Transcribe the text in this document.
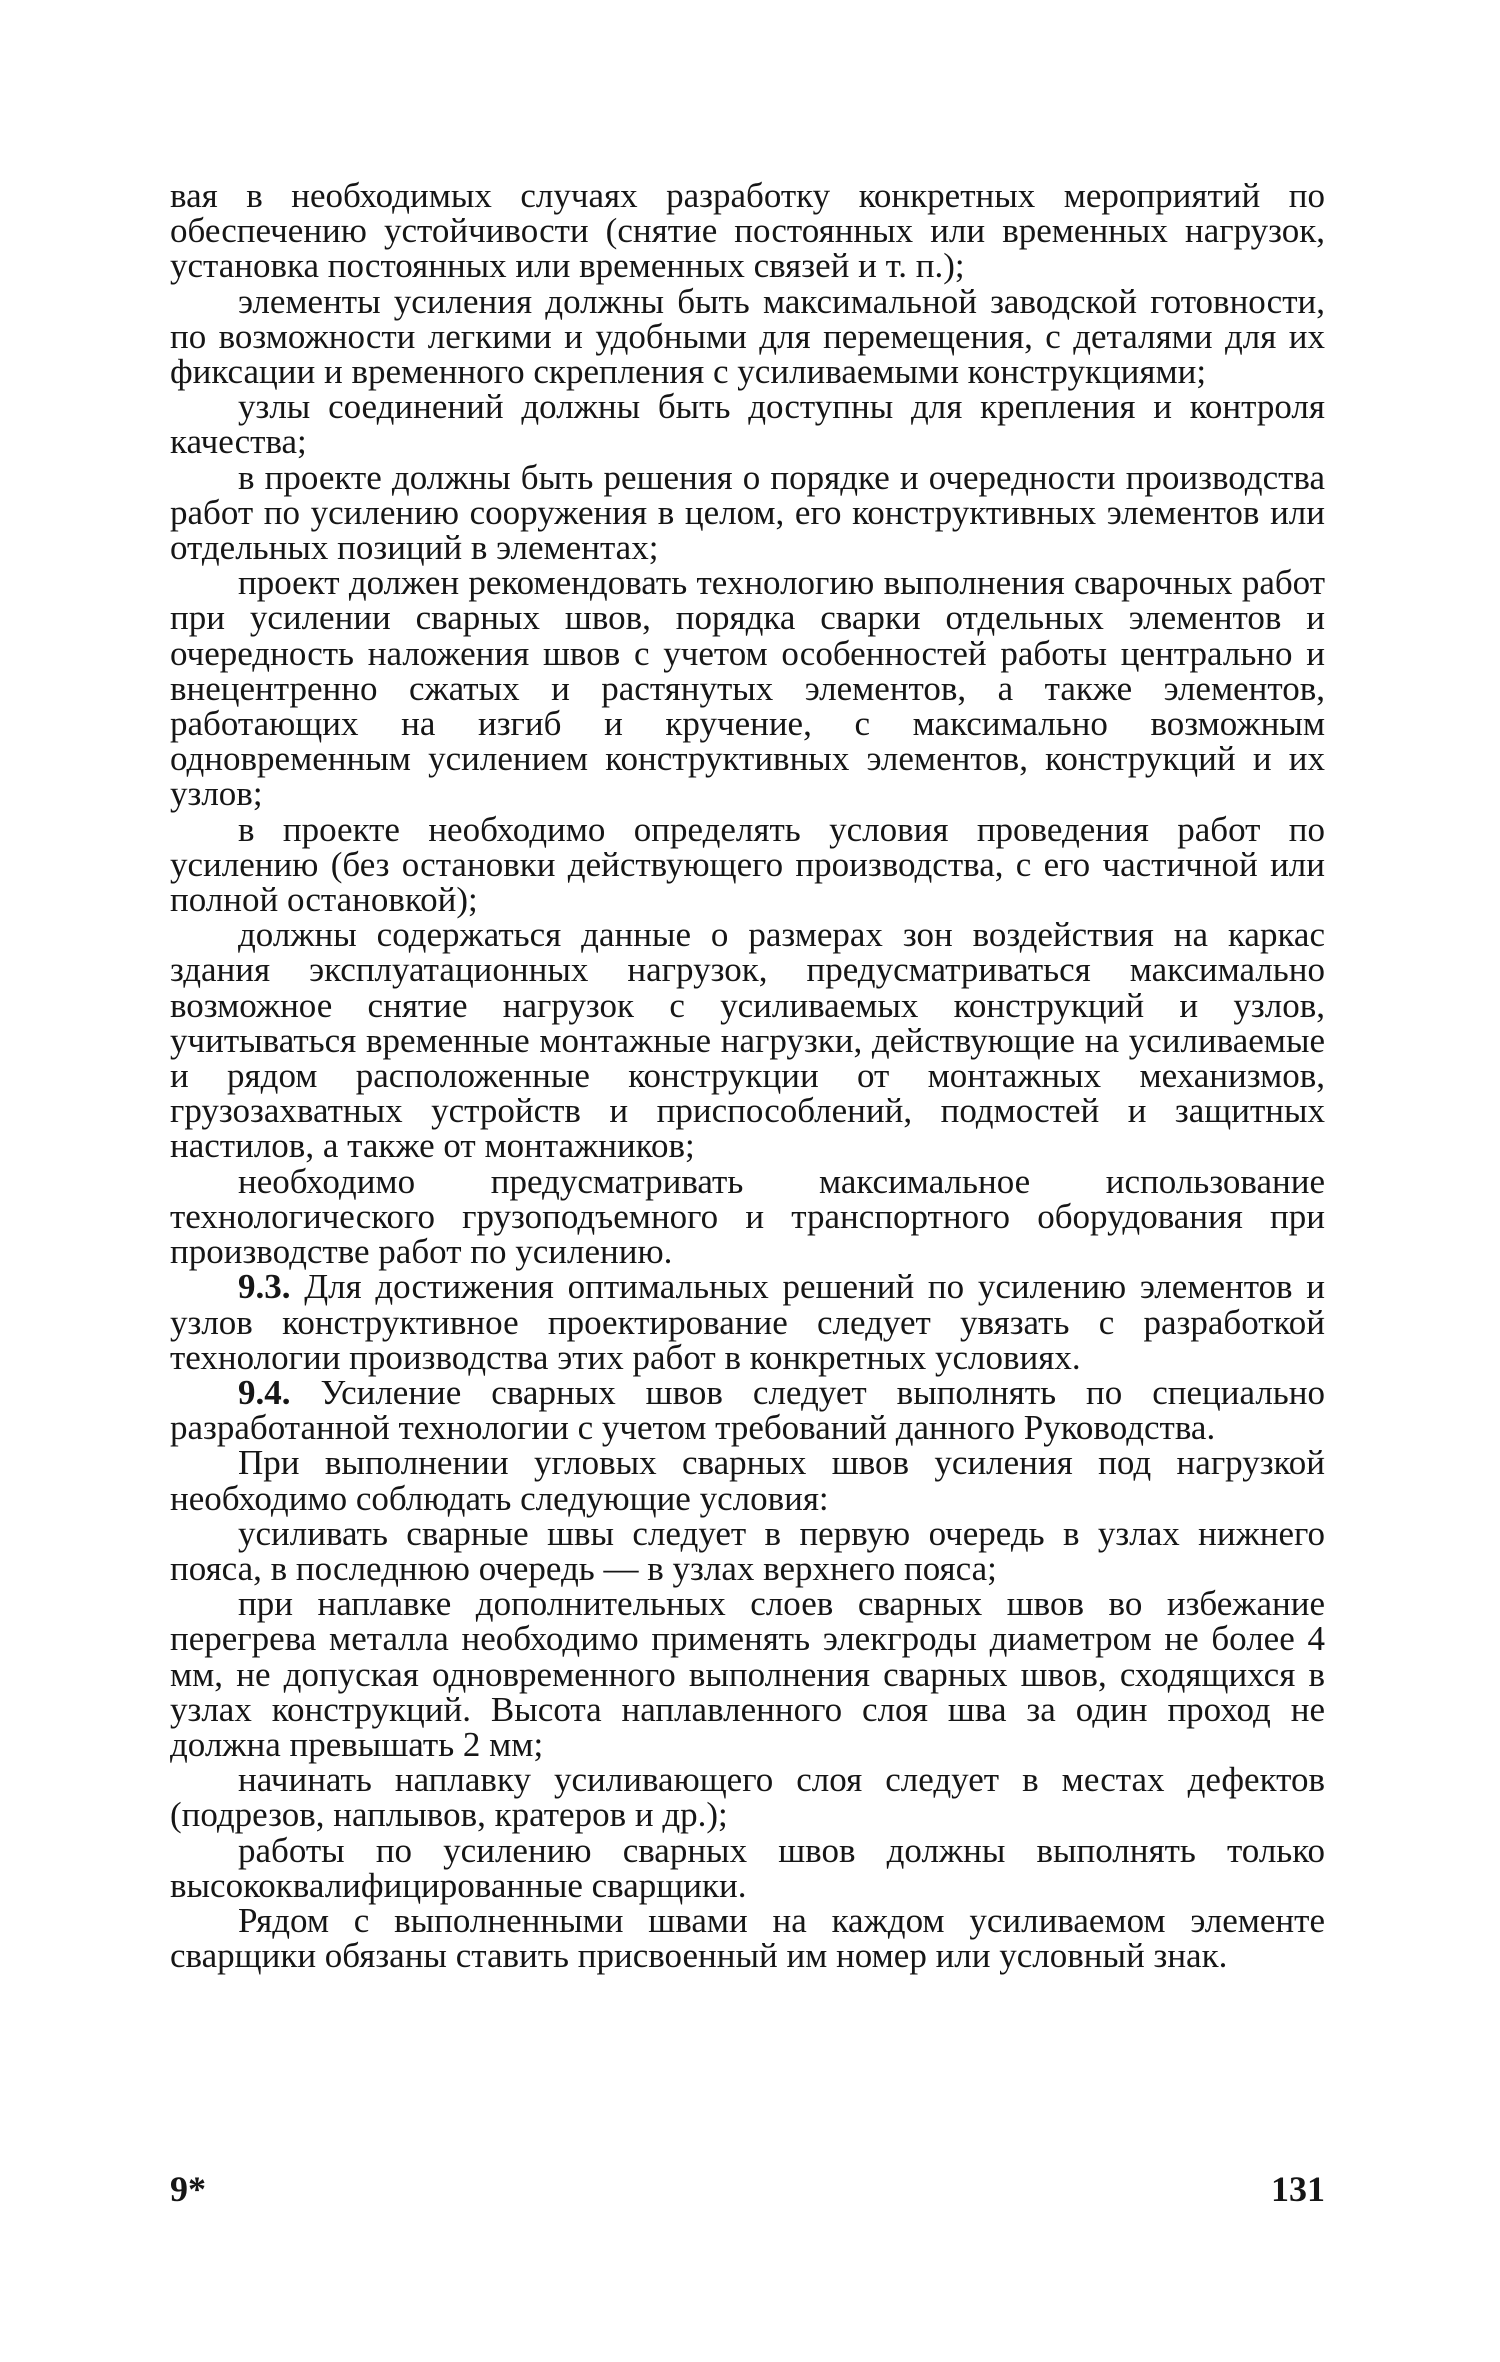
вая в необходимых случаях разработку конкретных мероприятий по обеспечению устойчивости (снятие постоянных или временных нагрузок, установка постоянных или временных связей и т. п.);

элементы усиления должны быть максимальной заводской готовности, по возможности легкими и удобными для перемещения, с деталями для их фиксации и временного скрепления с усиливаемыми конструкциями;

узлы соединений должны быть доступны для крепления и контроля качества;

в проекте должны быть решения о порядке и очередности производства работ по усилению сооружения в целом, его конструктивных элементов или отдельных позиций в элементах;

проект должен рекомендовать технологию выполнения сварочных работ при усилении сварных швов, порядка сварки отдельных элементов и очередность наложения швов с учетом особенностей работы центрально и внецентренно сжатых и растянутых элементов, а также элементов, работающих на изгиб и кручение, с максимально возможным одновременным усилением конструктивных элементов, конструкций и их узлов;

в проекте необходимо определять условия проведения работ по усилению (без остановки действующего производства, с его частичной или полной остановкой);

должны содержаться данные о размерах зон воздействия на каркас здания эксплуатационных нагрузок, предусматриваться максимально возможное снятие нагрузок с усиливаемых конструкций и узлов, учитываться временные монтажные нагрузки, действующие на усиливаемые и рядом расположенные конструкции от монтажных механизмов, грузозахватных устройств и приспособлений, подмостей и защитных настилов, а также от монтажников;

необходимо предусматривать максимальное использование технологического грузоподъемного и транспортного оборудования при производстве работ по усилению.

9.3. Для достижения оптимальных решений по усилению элементов и узлов конструктивное проектирование следует увязать с разработкой технологии производства этих работ в конкретных условиях.

9.4. Усиление сварных швов следует выполнять по специально разработанной технологии с учетом требований данного Руководства.

При выполнении угловых сварных швов усиления под нагрузкой необходимо соблюдать следующие условия:

усиливать сварные швы следует в первую очередь в узлах нижнего пояса, в последнюю очередь — в узлах верхнего пояса;

при наплавке дополнительных слоев сварных швов во избежание перегрева металла необходимо применять элекгроды диаметром не более 4 мм, не допуская одновременного выполнения сварных швов, сходящихся в узлах конструкций. Высота наплавленного слоя шва за один проход не должна превышать 2 мм;

начинать наплавку усиливающего слоя следует в местах дефектов (подрезов, наплывов, кратеров и др.);

работы по усилению сварных швов должны выполнять только высококвалифицированные сварщики.

Рядом с выполненными швами на каждом усиливаемом элементе сварщики обязаны ставить присвоенный им номер или условный знак.

9*	131
